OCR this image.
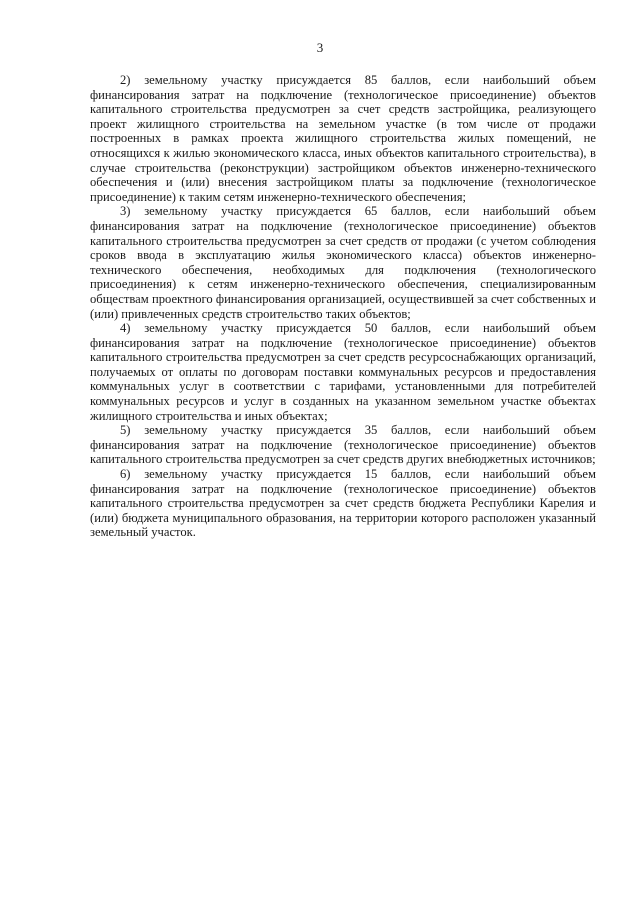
3

2) земельному участку присуждается 85 баллов, если наибольший объем финансирования затрат на подключение (технологическое присоединение) объектов капитального строительства предусмотрен за счет средств застройщика, реализующего проект жилищного строительства на земельном участке (в том числе от продажи построенных в рамках проекта жилищного строительства жилых помещений, не относящихся к жилью экономического класса, иных объектов капитального строительства), в случае строительства (реконструкции) застройщиком объектов инженерно-технического обеспечения и (или) внесения застройщиком платы за подключение (технологическое присоединение) к таким сетям инженерно-технического обеспечения;

3) земельному участку присуждается 65 баллов, если наибольший объем финансирования затрат на подключение (технологическое присоединение) объектов капитального строительства предусмотрен за счет средств от продажи (с учетом соблюдения сроков ввода в эксплуатацию жилья экономического класса) объектов инженерно-технического обеспечения, необходимых для подключения (технологического присоединения) к сетям инженерно-технического обеспечения, специализированным обществам проектного финансирования организацией, осуществившей за счет собственных и (или) привлеченных средств строительство таких объектов;

4) земельному участку присуждается 50 баллов, если наибольший объем финансирования затрат на подключение (технологическое присоединение) объектов капитального строительства предусмотрен за счет средств ресурсоснабжающих организаций, получаемых от оплаты по договорам поставки коммунальных ресурсов и предоставления коммунальных услуг в соответствии с тарифами, установленными для потребителей коммунальных ресурсов и услуг в созданных на указанном земельном участке объектах жилищного строительства и иных объектах;

5) земельному участку присуждается 35 баллов, если наибольший объем финансирования затрат на подключение (технологическое присоединение) объектов капитального строительства предусмотрен за счет средств других внебюджетных источников;

6) земельному участку присуждается 15 баллов, если наибольший объем финансирования затрат на подключение (технологическое присоединение) объектов капитального строительства предусмотрен за счет средств бюджета Республики Карелия и (или) бюджета муниципального образования, на территории которого расположен указанный земельный участок.
